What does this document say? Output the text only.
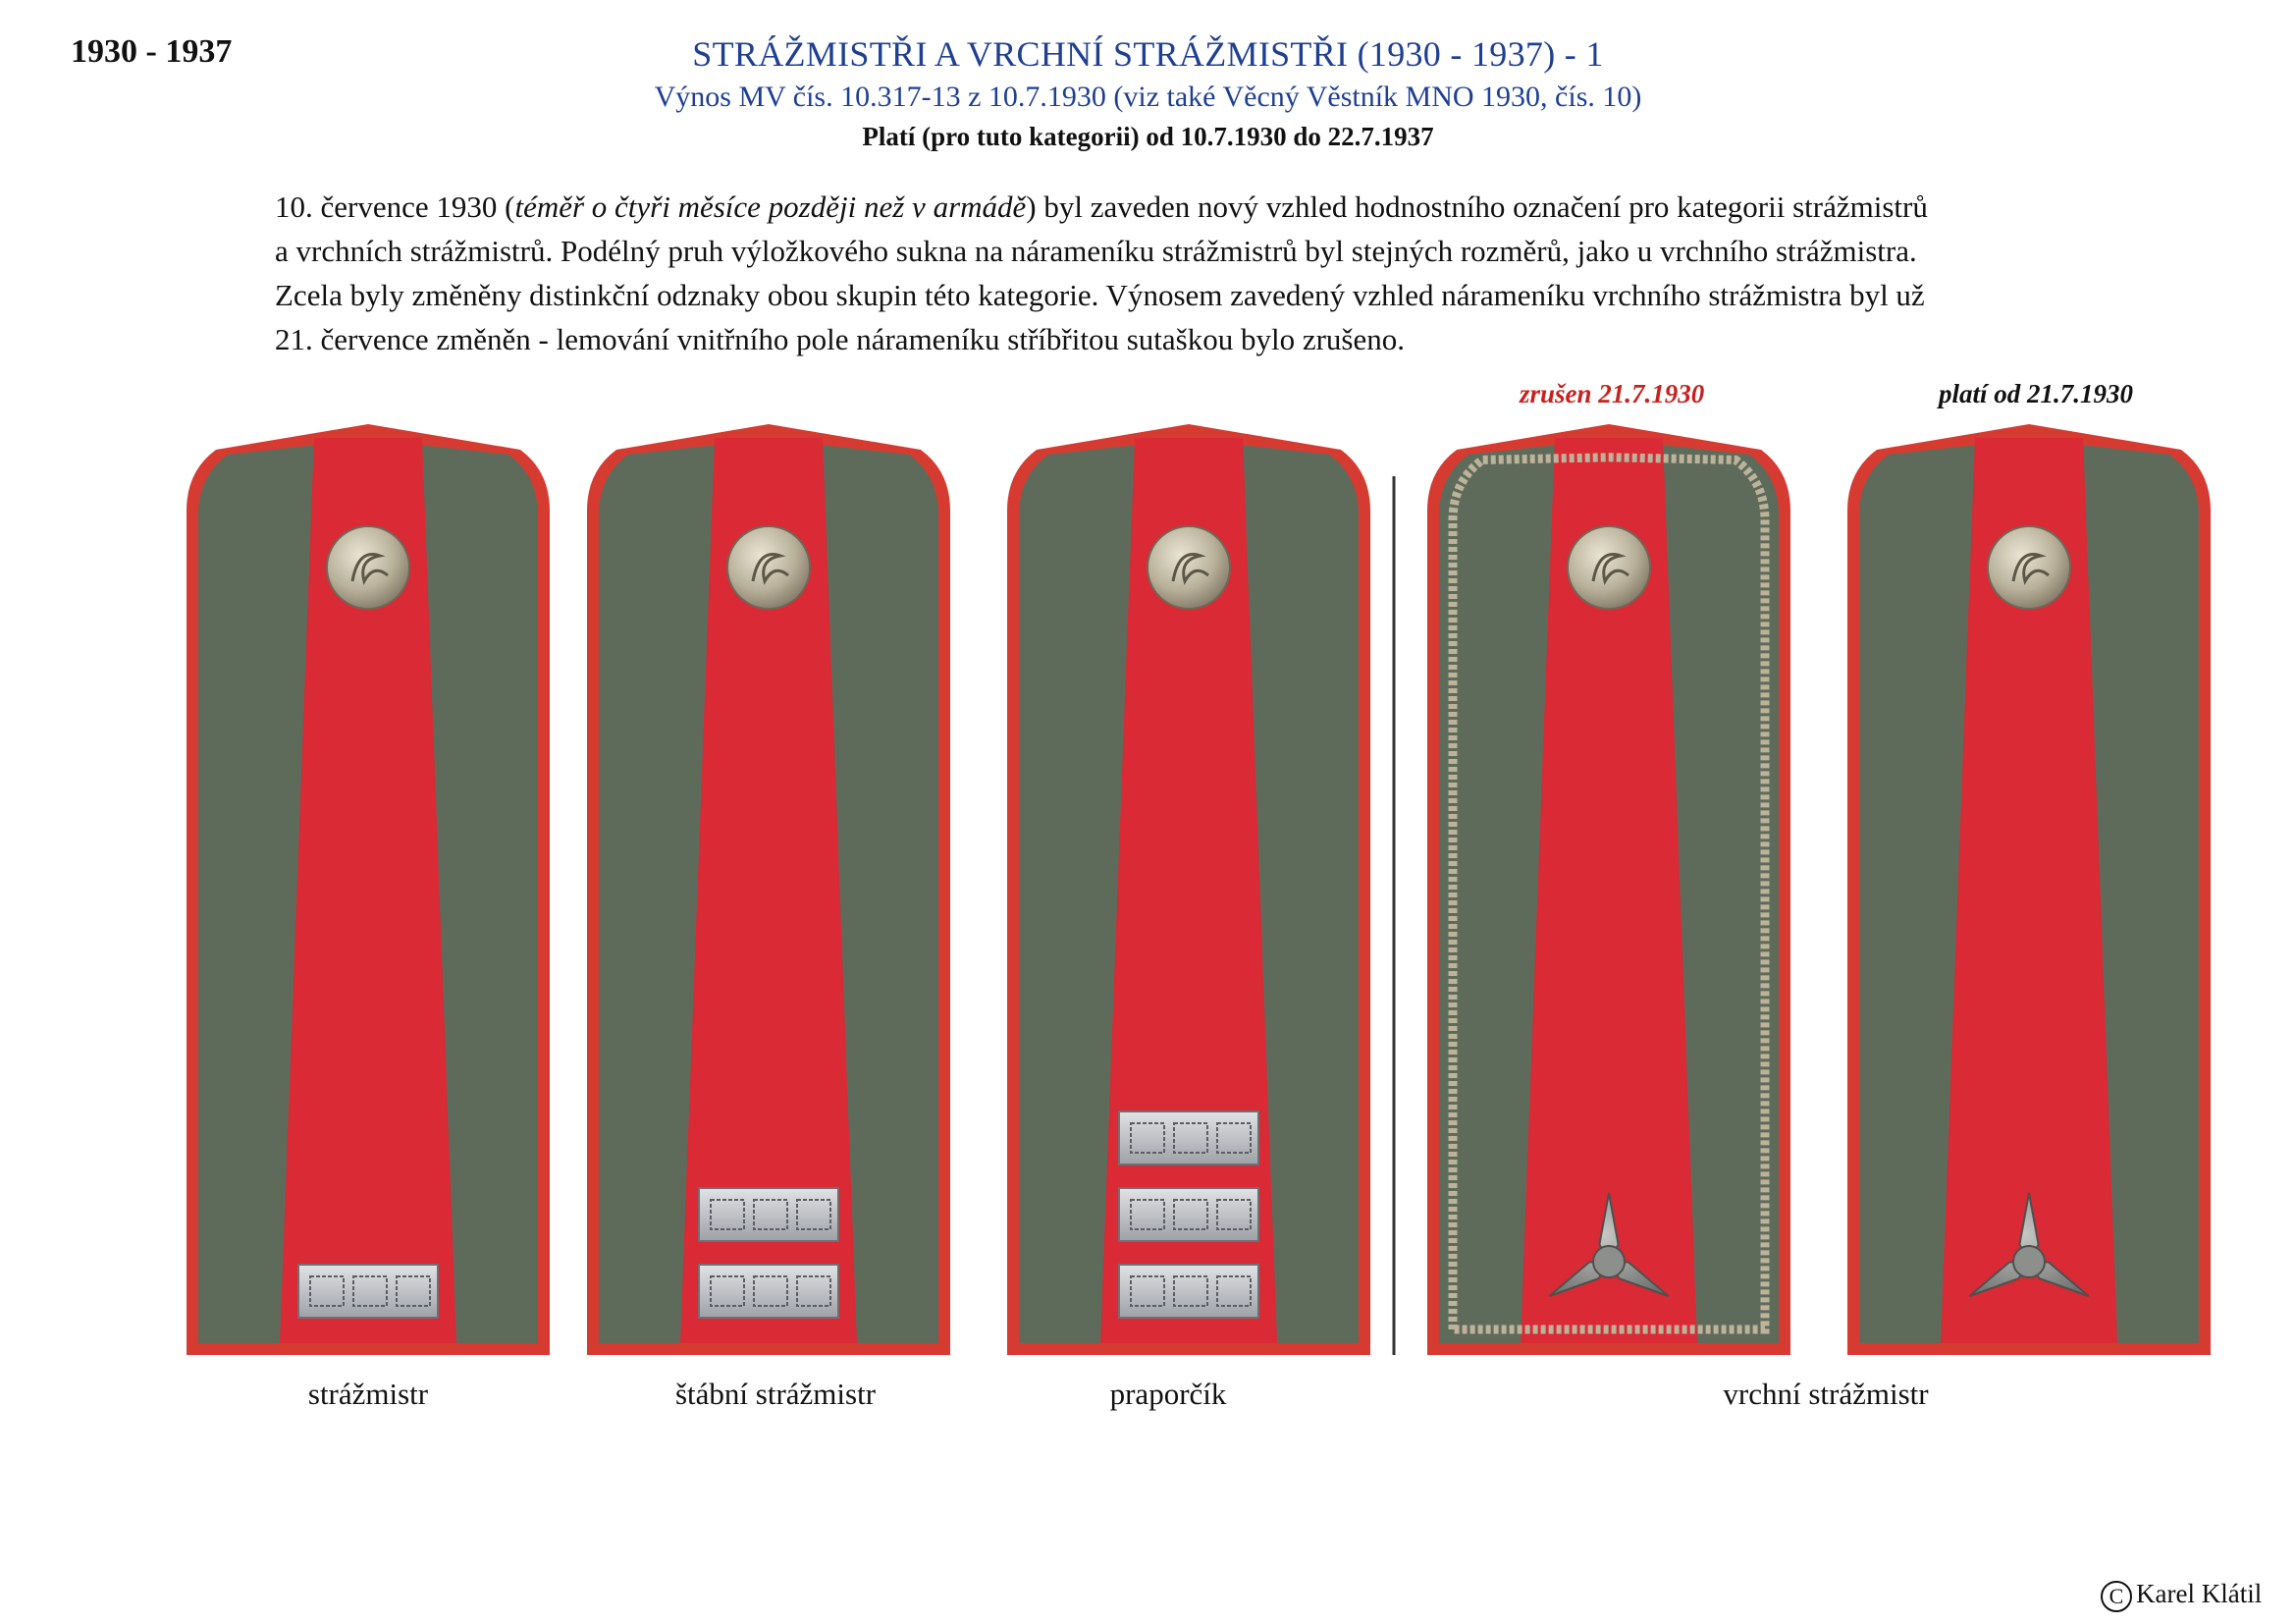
1930 - 1937	STRÁŽMISTŘI A VRCHNÍ STRÁŽMISTŘI (1930 - 1937) - 1
Výnos MV čís. 10.317-13 z 10.7.1930 (viz také Věcný Věstník MNO 1930, čís. 10)
Platí (pro tuto kategorii) od 10.7.1930 do 22.7.1937
10. července 1930 (téměř o čtyři měsíce později než v armádě) byl zaveden nový vzhled hodnostního označení pro kategorii strážmistrů
a vrchních strážmistrů. Podélný pruh výložkového sukna na nárameníku strážmistrů byl stejných rozměrů, jako u vrchního strážmistra.
Zcela byly změněny distinkční odznaky obou skupin této kategorie. Výnosem zavedený vzhled nárameníku vrchního strážmistra byl už
21. července změněn - lemování vnitřního pole nárameníku stříbřitou sutaškou bylo zrušeno.
zrušen 21.7.1930	platí od 21.7.1930
strážmistr	štábní strážmistr	praporčík	vrchní strážmistr
C Karel Klátil
